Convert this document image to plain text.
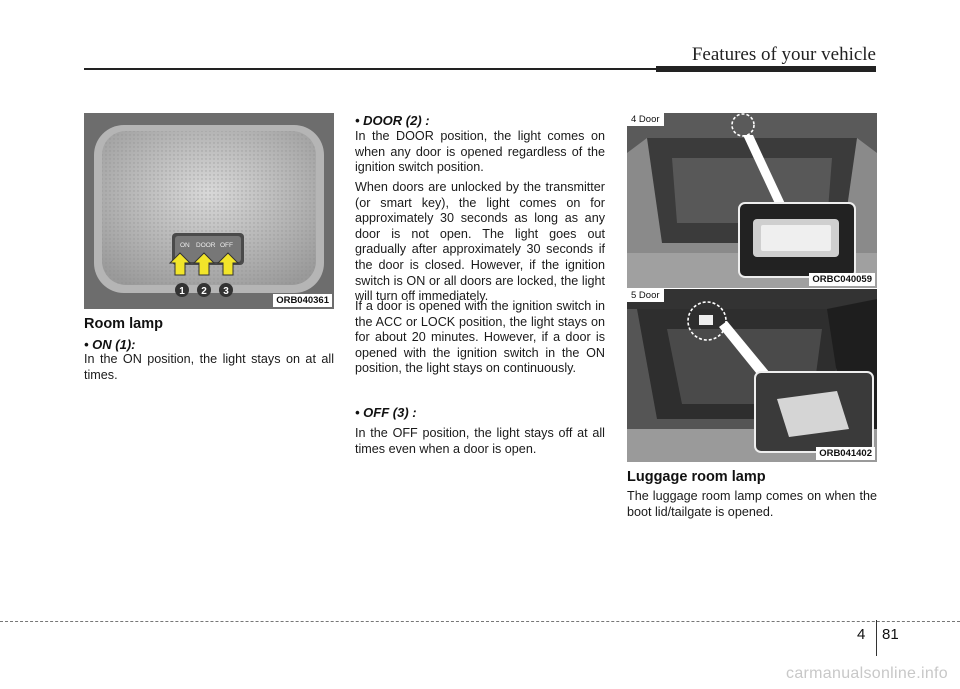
Features of your vehicle
ON DOOR OFF
1 2 3
ORB040361
Room lamp
• ON (1):
In the ON position, the light stays on at all times.
• DOOR (2) :
In the DOOR position, the light comes on when any door is opened regardless of the ignition switch position.
When doors are unlocked by the transmitter (or smart key), the light comes on for approximately 30 seconds as long as any door is not open. The light goes out gradually after approximately 30 seconds if the door is closed. However, if the ignition switch is ON or all doors are locked, the light will turn off immediately.
If a door is opened with the ignition switch in the ACC or LOCK position, the light stays on for about 20 minutes. However, if a door is opened with the ignition switch in the ON position, the light stays on continuously.
• OFF (3) :
In the OFF position, the light stays off at all times even when a door is open.
4 Door
ORBC040059
5 Door
ORB041402
Luggage room lamp
The luggage room lamp comes on when the boot lid/tailgate is opened.
4 81
carmanualsonline.info
